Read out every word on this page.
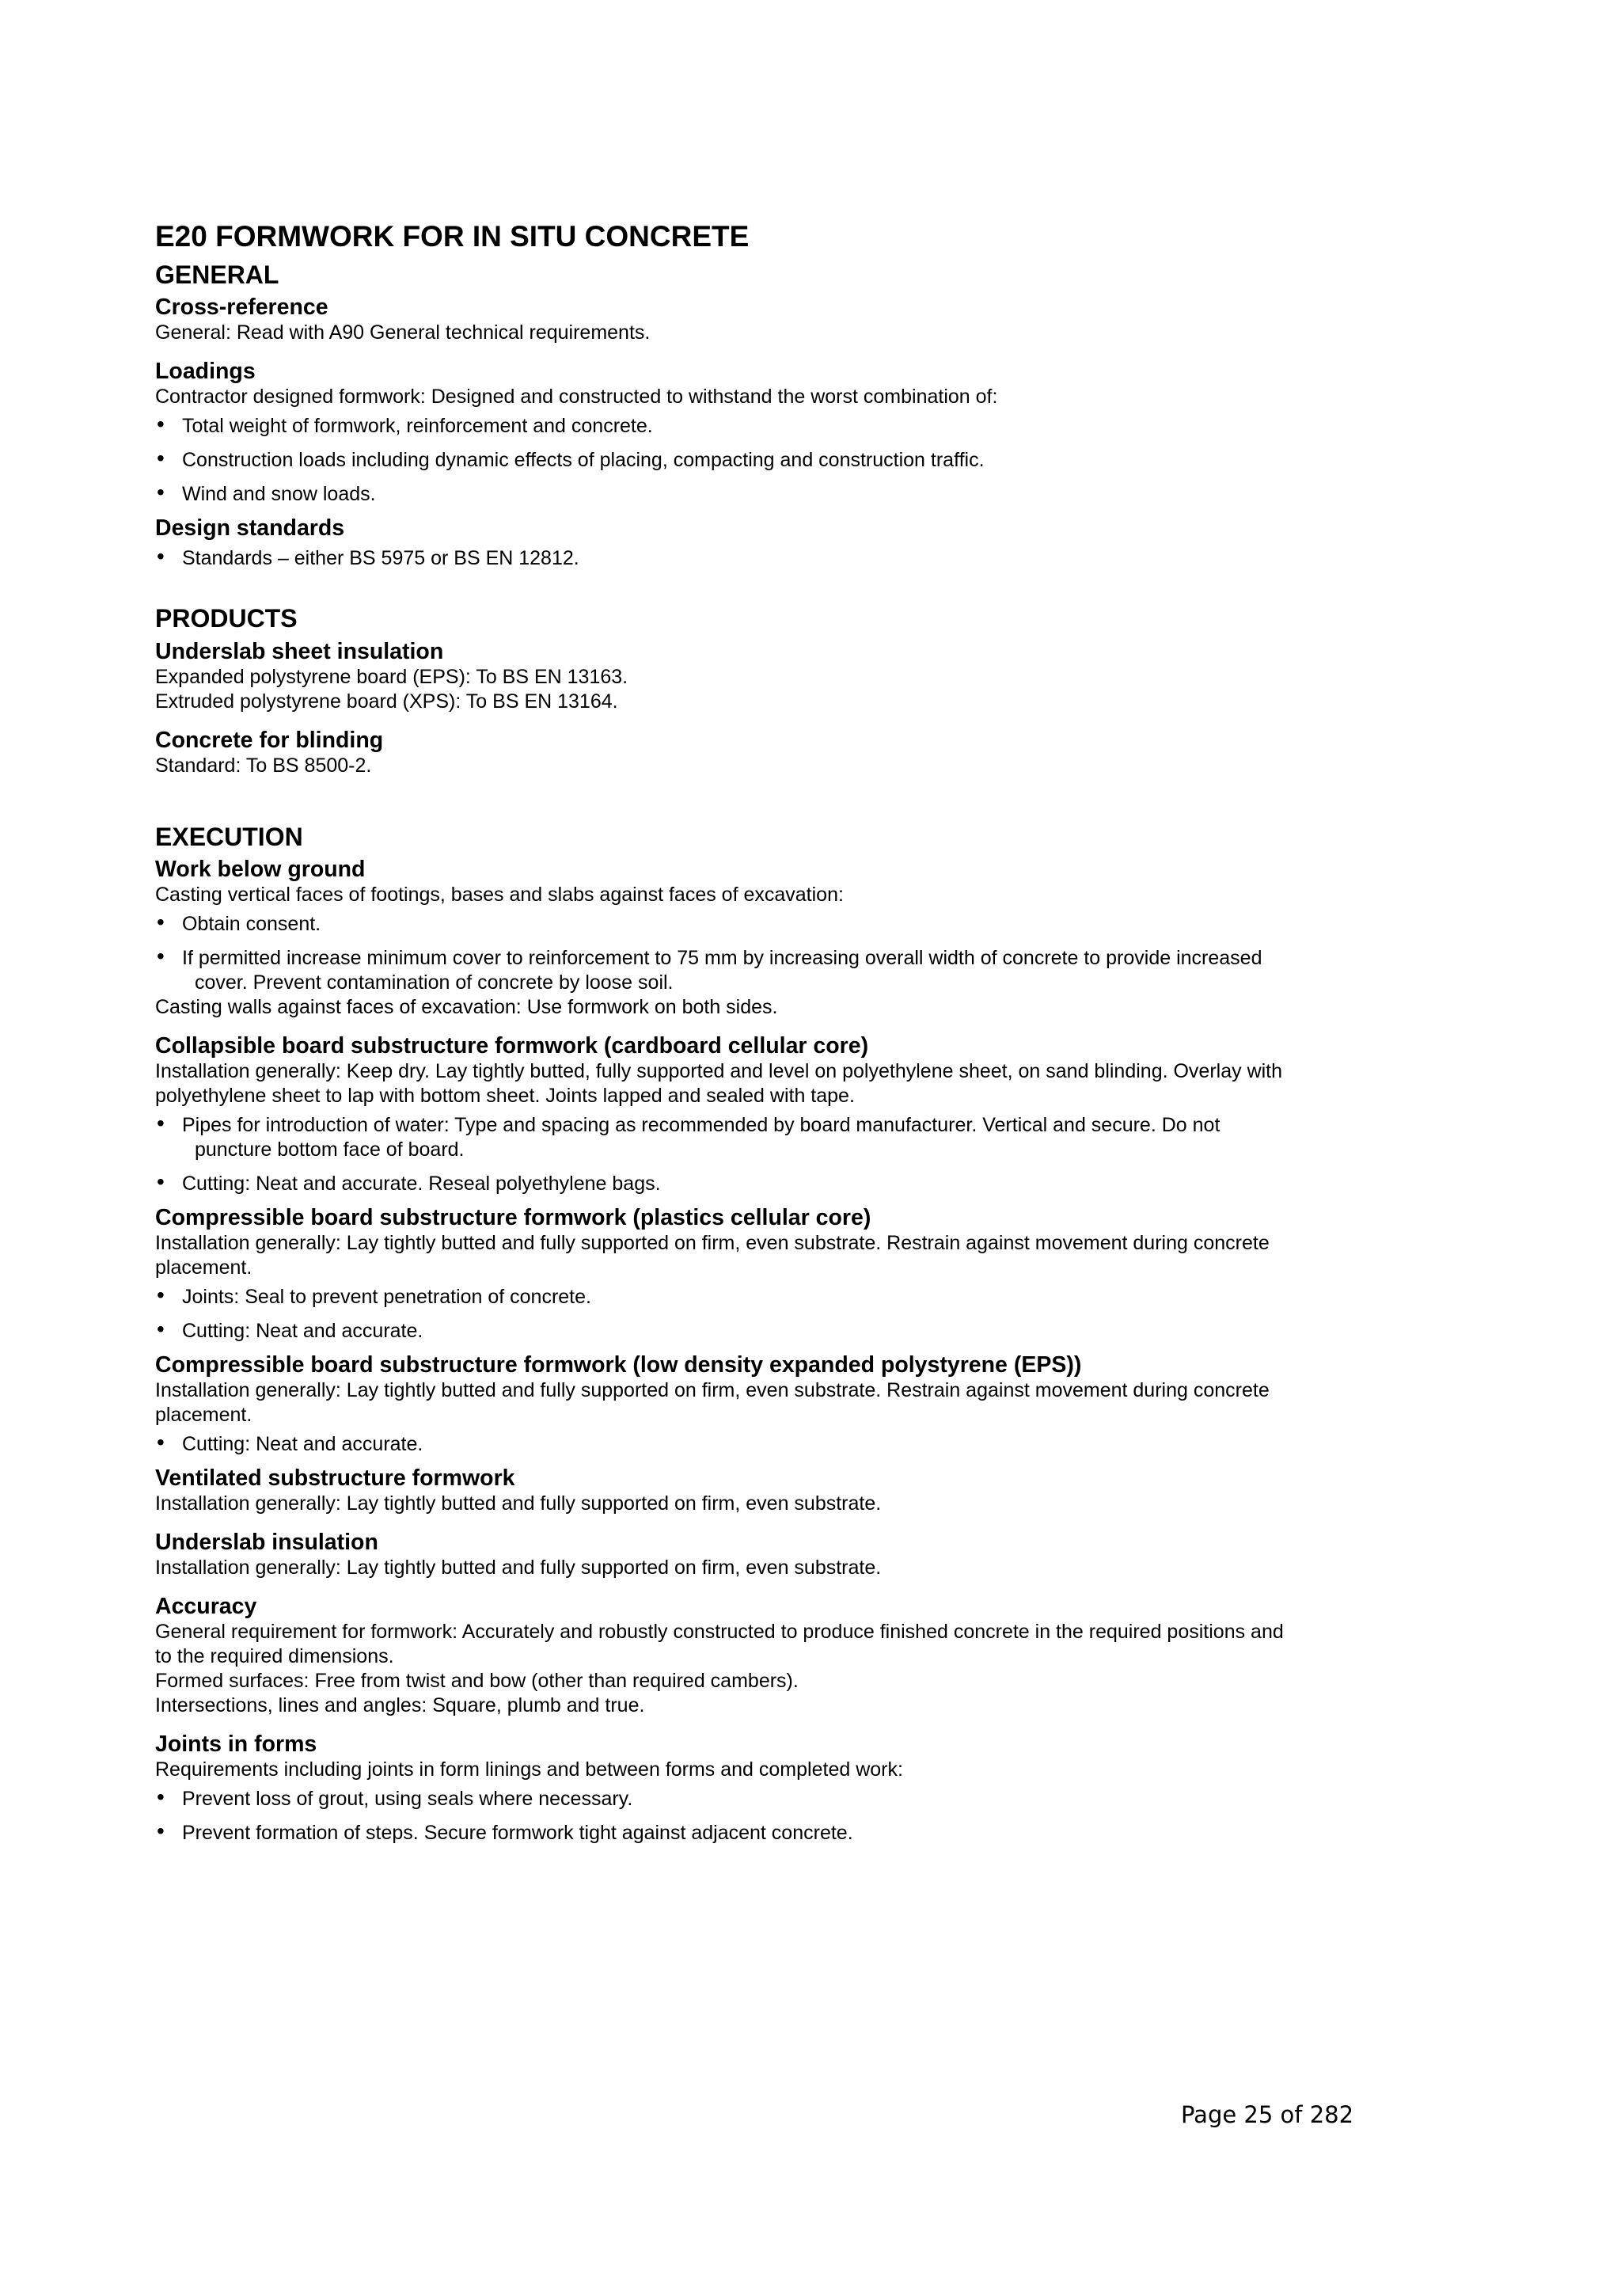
E20 FORMWORK FOR IN SITU CONCRETE
GENERAL
Cross-reference

General: Read with A90 General technical requirements.

Loadings

Contractor designed formwork: Designed and constructed to withstand the worst combination of:

• Total weight of formwork, reinforcement and concrete.
• Construction loads including dynamic effects of placing, compacting and construction traffic.
• Wind and snow loads.
Design standards
• Standards – either BS 5975 or BS EN 12812.
PRODUCTS
Underslab sheet insulation

Expanded polystyrene board (EPS): To BS EN 13163.

Extruded polystyrene board (XPS): To BS EN 13164.

Concrete for blinding

Standard: To BS 8500-2.

EXECUTION
Work below ground

Casting vertical faces of footings, bases and slabs against faces of excavation:

• Obtain consent.
• If permitted increase minimum cover to reinforcement to 75 mm by increasing overall width of concrete to provide increased
cover. Prevent contamination of concrete by loose soil.

Casting walls against faces of excavation: Use formwork on both sides.

Collapsible board substructure formwork (cardboard cellular core)

Installation generally: Keep dry. Lay tightly butted, fully supported and level on polyethylene sheet, on sand blinding. Overlay with

polyethylene sheet to lap with bottom sheet. Joints lapped and sealed with tape.

• Pipes for introduction of water: Type and spacing as recommended by board manufacturer. Vertical and secure. Do not
puncture bottom face of board.
• Cutting: Neat and accurate. Reseal polyethylene bags.
Compressible board substructure formwork (plastics cellular core)

Installation generally: Lay tightly butted and fully supported on firm, even substrate. Restrain against movement during concrete

placement.

• Joints: Seal to prevent penetration of concrete.
• Cutting: Neat and accurate.
Compressible board substructure formwork (low density expanded polystyrene (EPS))

Installation generally: Lay tightly butted and fully supported on firm, even substrate. Restrain against movement during concrete

placement.

• Cutting: Neat and accurate.
Ventilated substructure formwork

Installation generally: Lay tightly butted and fully supported on firm, even substrate.

Underslab insulation

Installation generally: Lay tightly butted and fully supported on firm, even substrate.

Accuracy

General requirement for formwork: Accurately and robustly constructed to produce finished concrete in the required positions and

to the required dimensions.

Formed surfaces: Free from twist and bow (other than required cambers).

Intersections, lines and angles: Square, plumb and true.

Joints in forms

Requirements including joints in form linings and between forms and completed work:

• Prevent loss of grout, using seals where necessary.
• Prevent formation of steps. Secure formwork tight against adjacent concrete.
Page 25 of 282
